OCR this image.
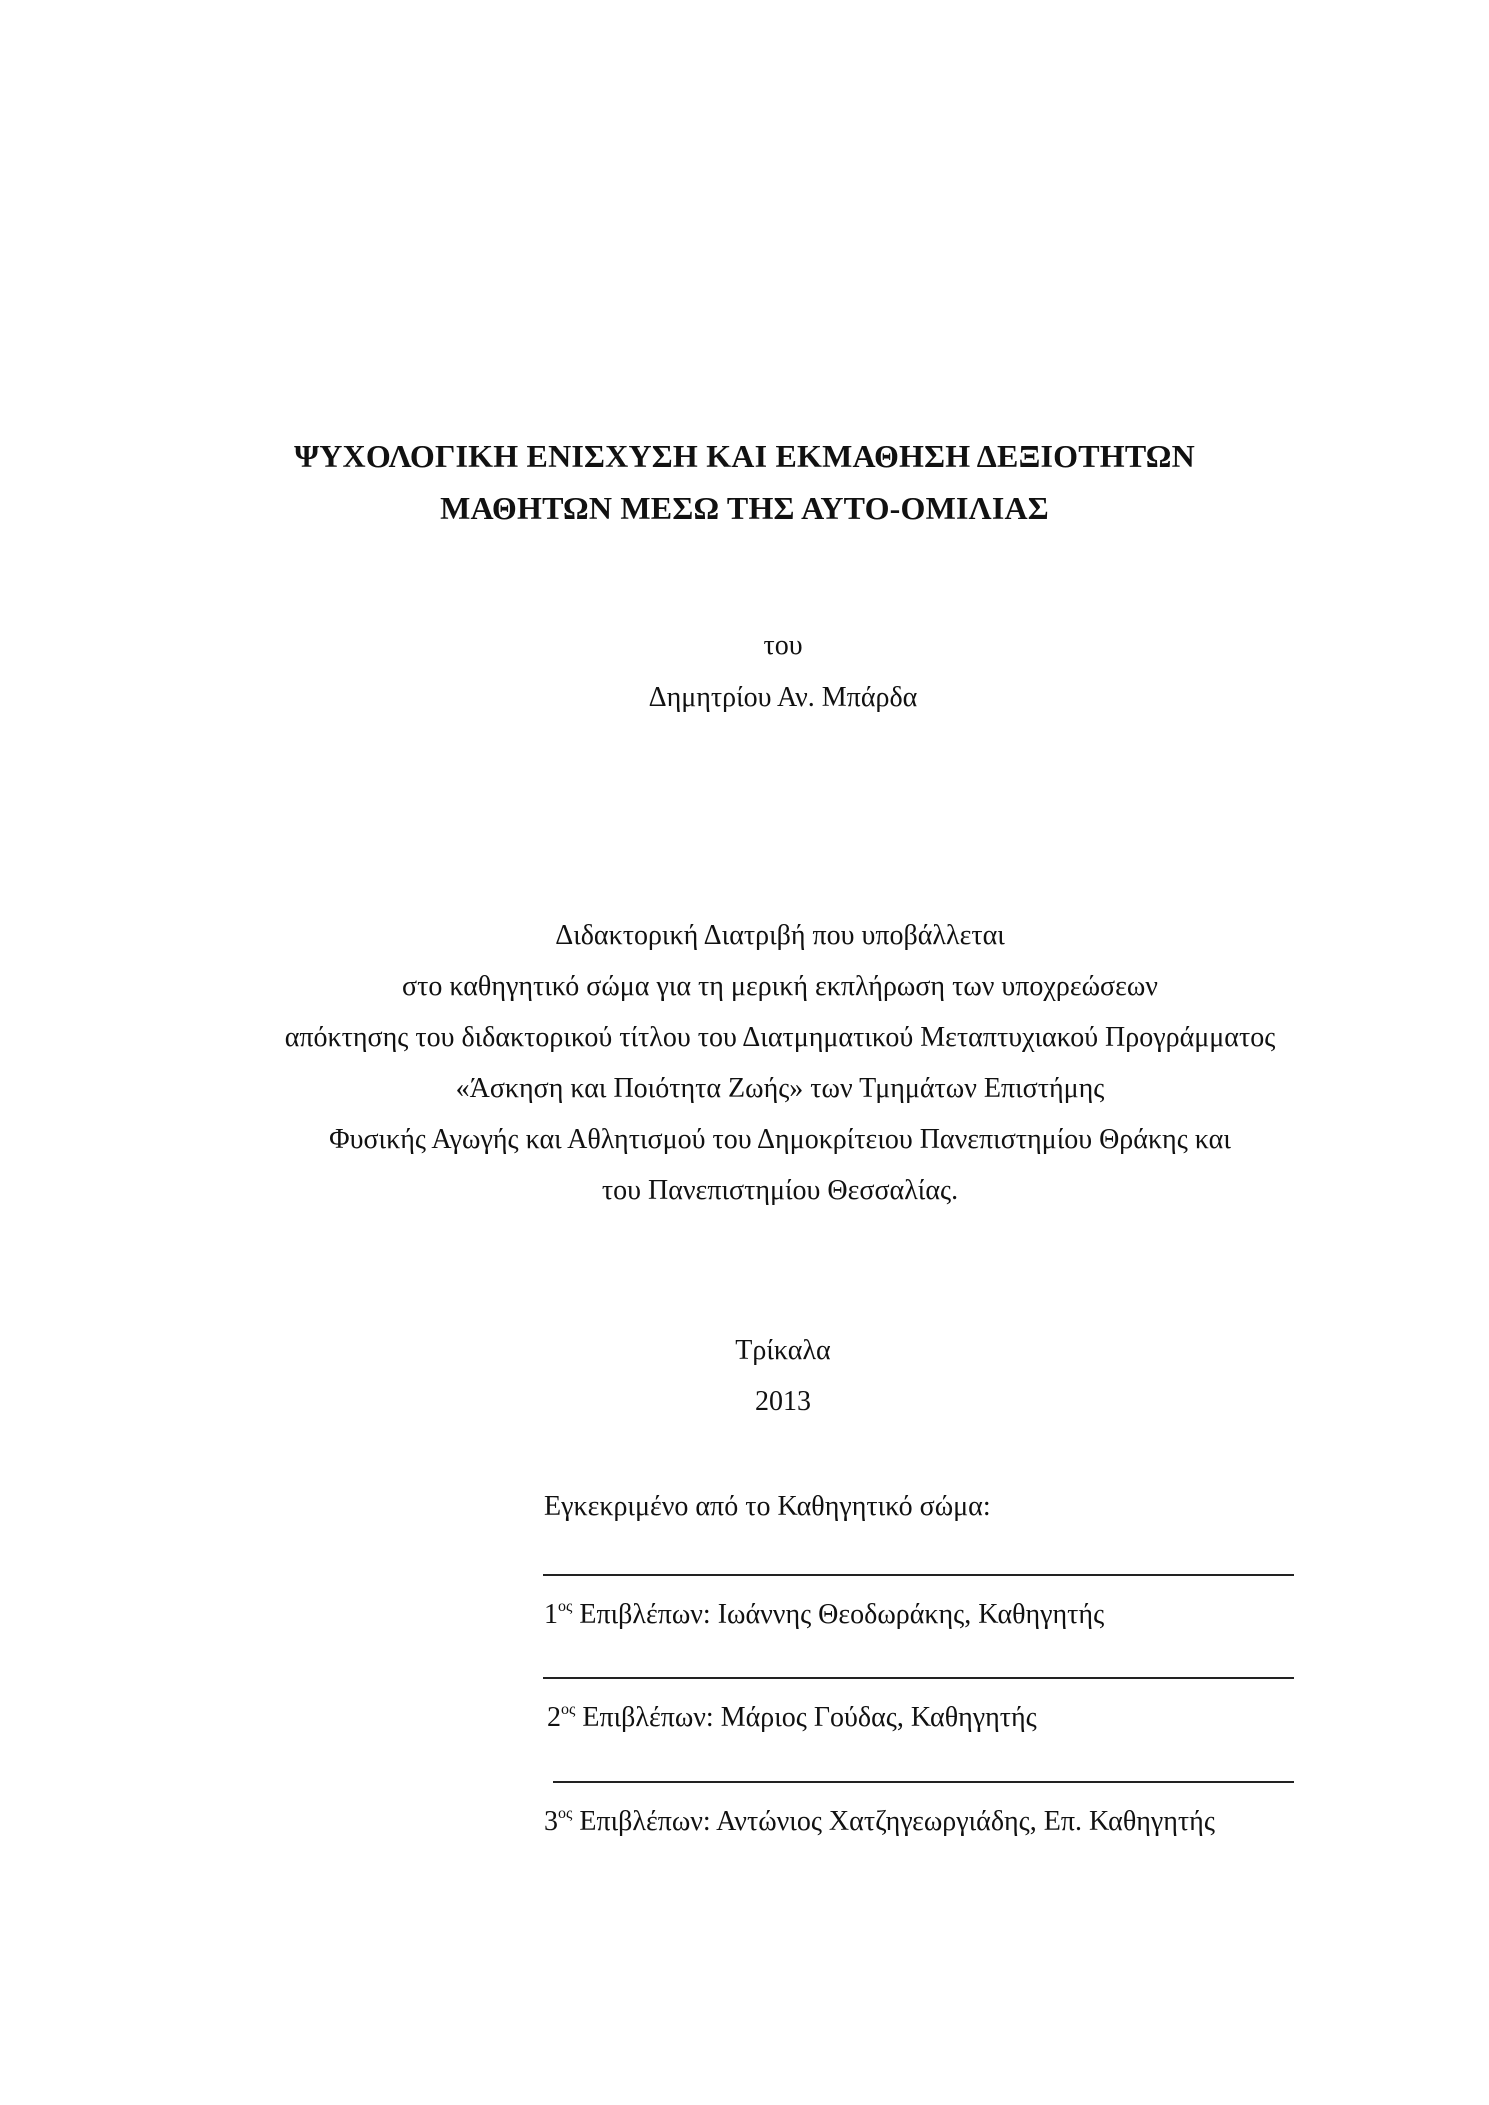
ΨΥΧΟΛΟΓΙΚΗ ΕΝΙΣΧΥΣΗ ΚΑΙ ΕΚΜΑΘΗΣΗ ΔΕΞΙΟΤΗΤΩΝ
ΜΑΘΗΤΩΝ ΜΕΣΩ ΤΗΣ ΑΥΤΟ-ΟΜΙΛΙΑΣ
του
Δημητρίου Αν. Μπάρδα
Διδακτορική Διατριβή που υποβάλλεται
στο καθηγητικό σώμα για τη μερική εκπλήρωση των υποχρεώσεων
απόκτησης του διδακτορικού τίτλου του Διατμηματικού Μεταπτυχιακού Προγράμματος
«Άσκηση και Ποιότητα Ζωής» των Τμημάτων Επιστήμης
Φυσικής Αγωγής και Αθλητισμού του Δημοκρίτειου Πανεπιστημίου Θράκης και
του Πανεπιστημίου Θεσσαλίας.
Τρίκαλα
2013
Εγκεκριμένο από το Καθηγητικό σώμα:
$1^{o\varsigma}$ Επιβλέπων: Ιωάννης Θεοδωράκης, Καθηγητής
$2^{o\varsigma}$ Επιβλέπων: Μάριος Γούδας, Καθηγητής
$3^{o\varsigma}$ Επιβλέπων: Αντώνιος Χατζηγεωργιάδης, Επ. Καθηγητής
